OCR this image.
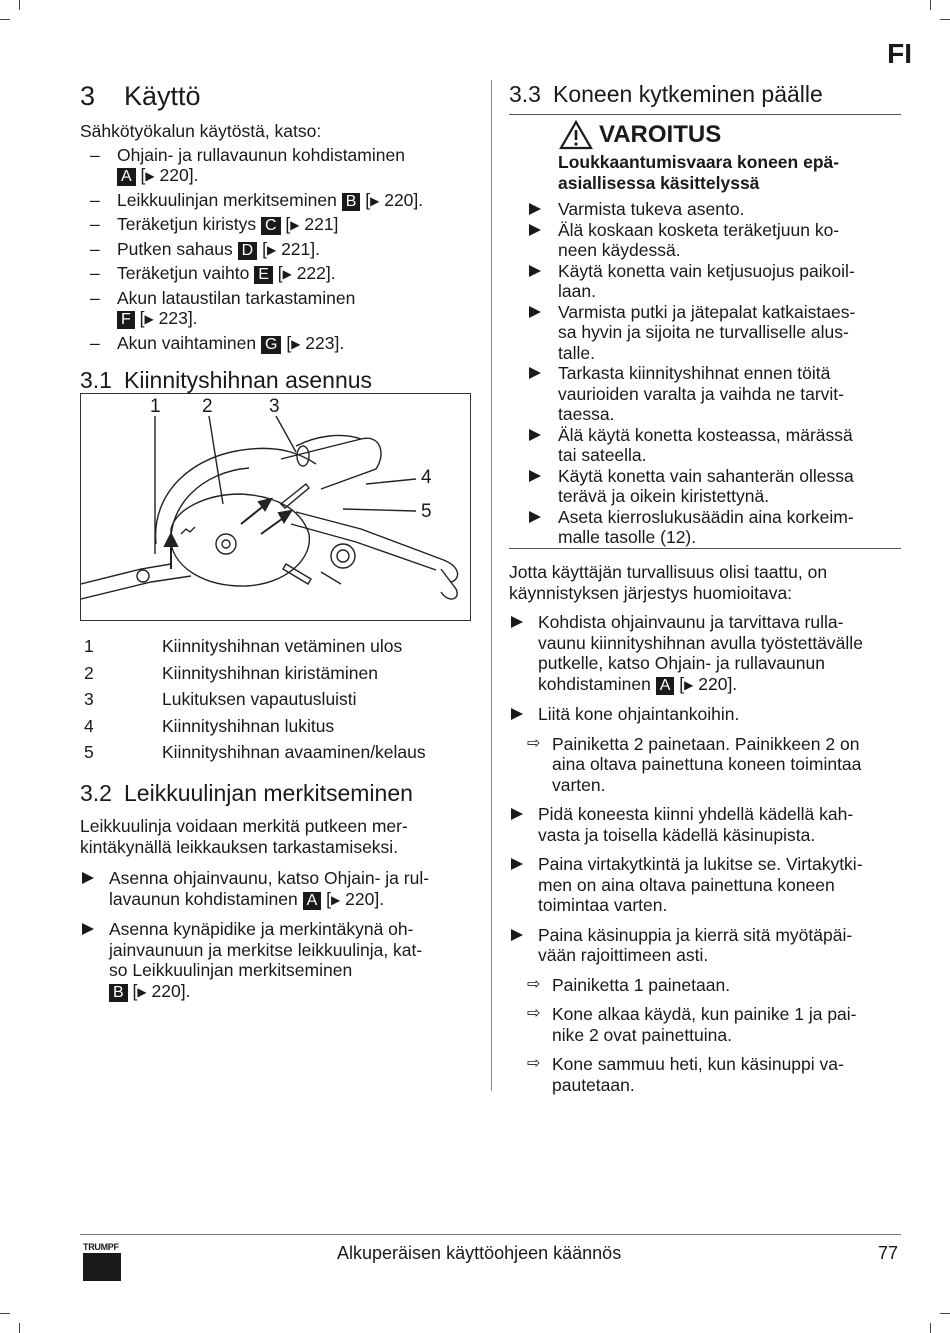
FI
3 Käyttö

Sähkötyökalun käytöstä, katso:

– Ohjain- ja rullavaunun kohdistaminen
A [▶ 220].
– Leikkuulinjan merkitseminen B [▶ 220].
– Teräketjun kiristys C [▶ 221]
– Putken sahaus D [▶ 221].
– Teräketjun vaihto E [▶ 222].
– Akun lataustilan tarkastaminen
F [▶ 223].
– Akun vaihtaminen G [▶ 223].
3.1 Kiinnityshihnan asennus
1 2	3
4
5
1	Kiinnityshihnan vetäminen ulos
2	Kiinnityshihnan kiristäminen
3	Lukituksen vapautusluisti
4	Kiinnityshihnan lukitus
5	Kiinnityshihnan avaaminen/kelaus
3.2 Leikkuulinjan merkitseminen

Leikkuulinja voidaan merkitä putkeen mer-
kintäkynällä leikkauksen tarkastamiseksi.

Asenna ohjainvaunu, katso Ohjain- ja rul-
lavaunun kohdistaminen A [▶ 220].
Asenna kynäpidike ja merkintäkynä oh-
jainvaunuun ja merkitse leikkuulinja, kat-
so Leikkuulinjan merkitseminen
B [▶ 220].
3.3 Koneen kytkeminen päälle
VAROITUS

Loukkaantumisvaara koneen epä-
asiallisessa käsittelyssä

Varmista tukeva asento.
Älä koskaan kosketa teräketjuun ko-
neen käydessä.
Käytä konetta vain ketjusuojus paikoil-
laan.
Varmista putki ja jätepalat katkaistaes-
sa hyvin ja sijoita ne turvalliselle alus-
talle.
Tarkasta kiinnityshihnat ennen töitä
vaurioiden varalta ja vaihda ne tarvit-
taessa.
Älä käytä konetta kosteassa, märässä
tai sateella.
Käytä konetta vain sahanterän ollessa
terävä ja oikein kiristettynä.
Aseta kierroslukusäädin aina korkeim-
malle tasolle (12).

Jotta käyttäjän turvallisuus olisi taattu, on
käynnistyksen järjestys huomioitava:

Kohdista ohjainvaunu ja tarvittava rulla-
vaunu kiinnityshihnan avulla työstettävälle
putkelle, katso Ohjain- ja rullavaunun
kohdistaminen A [▶ 220].
Liitä kone ohjaintankoihin.
⇨ Painiketta 2 painetaan. Painikkeen 2 on
aina oltava painettuna koneen toimintaa
varten.
Pidä koneesta kiinni yhdellä kädellä kah-
vasta ja toisella kädellä käsinupista.
Paina virtakytkintä ja lukitse se. Virtakytki-
men on aina oltava painettuna koneen
toimintaa varten.
Paina käsinuppia ja kierrä sitä myötäpäi-
vään rajoittimeen asti.
⇨ Painiketta 1 painetaan.
⇨ Kone alkaa käydä, kun painike 1 ja pai-
nike 2 ovat painettuina.
⇨ Kone sammuu heti, kun käsinuppi va-
pautetaan.
TRUMPF	Alkuperäisen käyttöohjeen käännös	77
